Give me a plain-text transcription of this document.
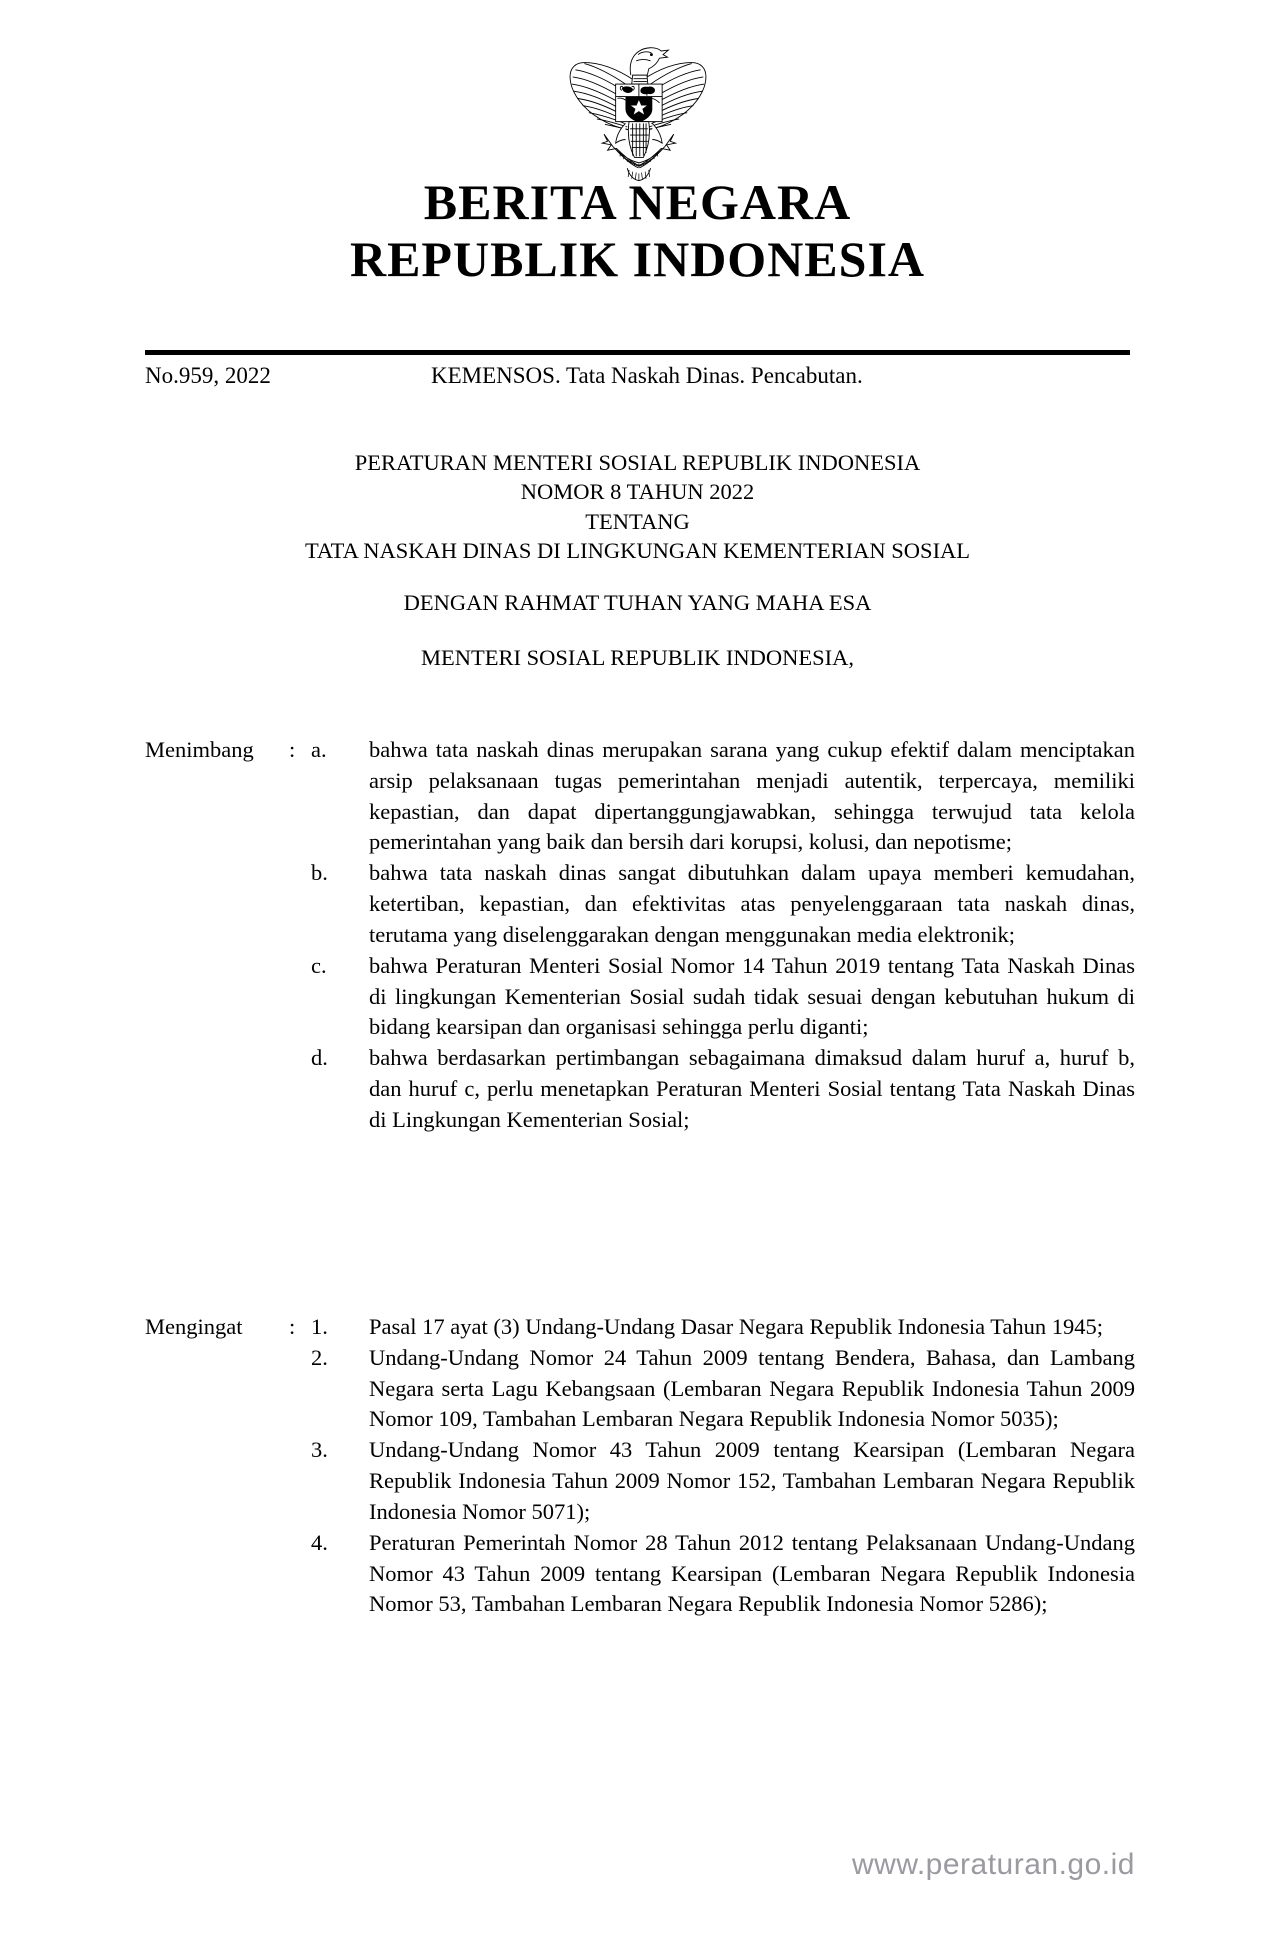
BERITA NEGARA
REPUBLIK INDONESIA
No.959, 2022	KEMENSOS. Tata Naskah Dinas. Pencabutan.
PERATURAN MENTERI SOSIAL REPUBLIK INDONESIA
NOMOR 8 TAHUN 2022
TENTANG
TATA NASKAH DINAS DI LINGKUNGAN KEMENTERIAN SOSIAL
DENGAN RAHMAT TUHAN YANG MAHA ESA
MENTERI SOSIAL REPUBLIK INDONESIA,
Menimbang	: a.	bahwa tata naskah dinas merupakan sarana yang cukup efektif dalam menciptakan arsip pelaksanaan tugas pemerintahan menjadi autentik, terpercaya, memiliki kepastian, dan dapat dipertanggungjawabkan, sehingga terwujud tata kelola pemerintahan yang baik dan bersih dari korupsi, kolusi, dan nepotisme;
b.	bahwa tata naskah dinas sangat dibutuhkan dalam upaya memberi kemudahan, ketertiban, kepastian, dan efektivitas atas penyelenggaraan tata naskah dinas, terutama yang diselenggarakan dengan menggunakan media elektronik;
c.	bahwa Peraturan Menteri Sosial Nomor 14 Tahun 2019 tentang Tata Naskah Dinas di lingkungan Kementerian Sosial sudah tidak sesuai dengan kebutuhan hukum di bidang kearsipan dan organisasi sehingga perlu diganti;
d.	bahwa berdasarkan pertimbangan sebagaimana dimaksud dalam huruf a, huruf b, dan huruf c, perlu menetapkan Peraturan Menteri Sosial tentang Tata Naskah Dinas di Lingkungan Kementerian Sosial;
Mengingat	: 1.	Pasal 17 ayat (3) Undang-Undang Dasar Negara Republik Indonesia Tahun 1945;
2.	Undang-Undang Nomor 24 Tahun 2009 tentang Bendera, Bahasa, dan Lambang Negara serta Lagu Kebangsaan (Lembaran Negara Republik Indonesia Tahun 2009 Nomor 109, Tambahan Lembaran Negara Republik Indonesia Nomor 5035);
3.	Undang-Undang Nomor 43 Tahun 2009 tentang Kearsipan (Lembaran Negara Republik Indonesia Tahun 2009 Nomor 152, Tambahan Lembaran Negara Republik Indonesia Nomor 5071);
4.	Peraturan Pemerintah Nomor 28 Tahun 2012 tentang Pelaksanaan Undang-Undang Nomor 43 Tahun 2009 tentang Kearsipan (Lembaran Negara Republik Indonesia Nomor 53, Tambahan Lembaran Negara Republik Indonesia Nomor 5286);
www.peraturan.go.id
